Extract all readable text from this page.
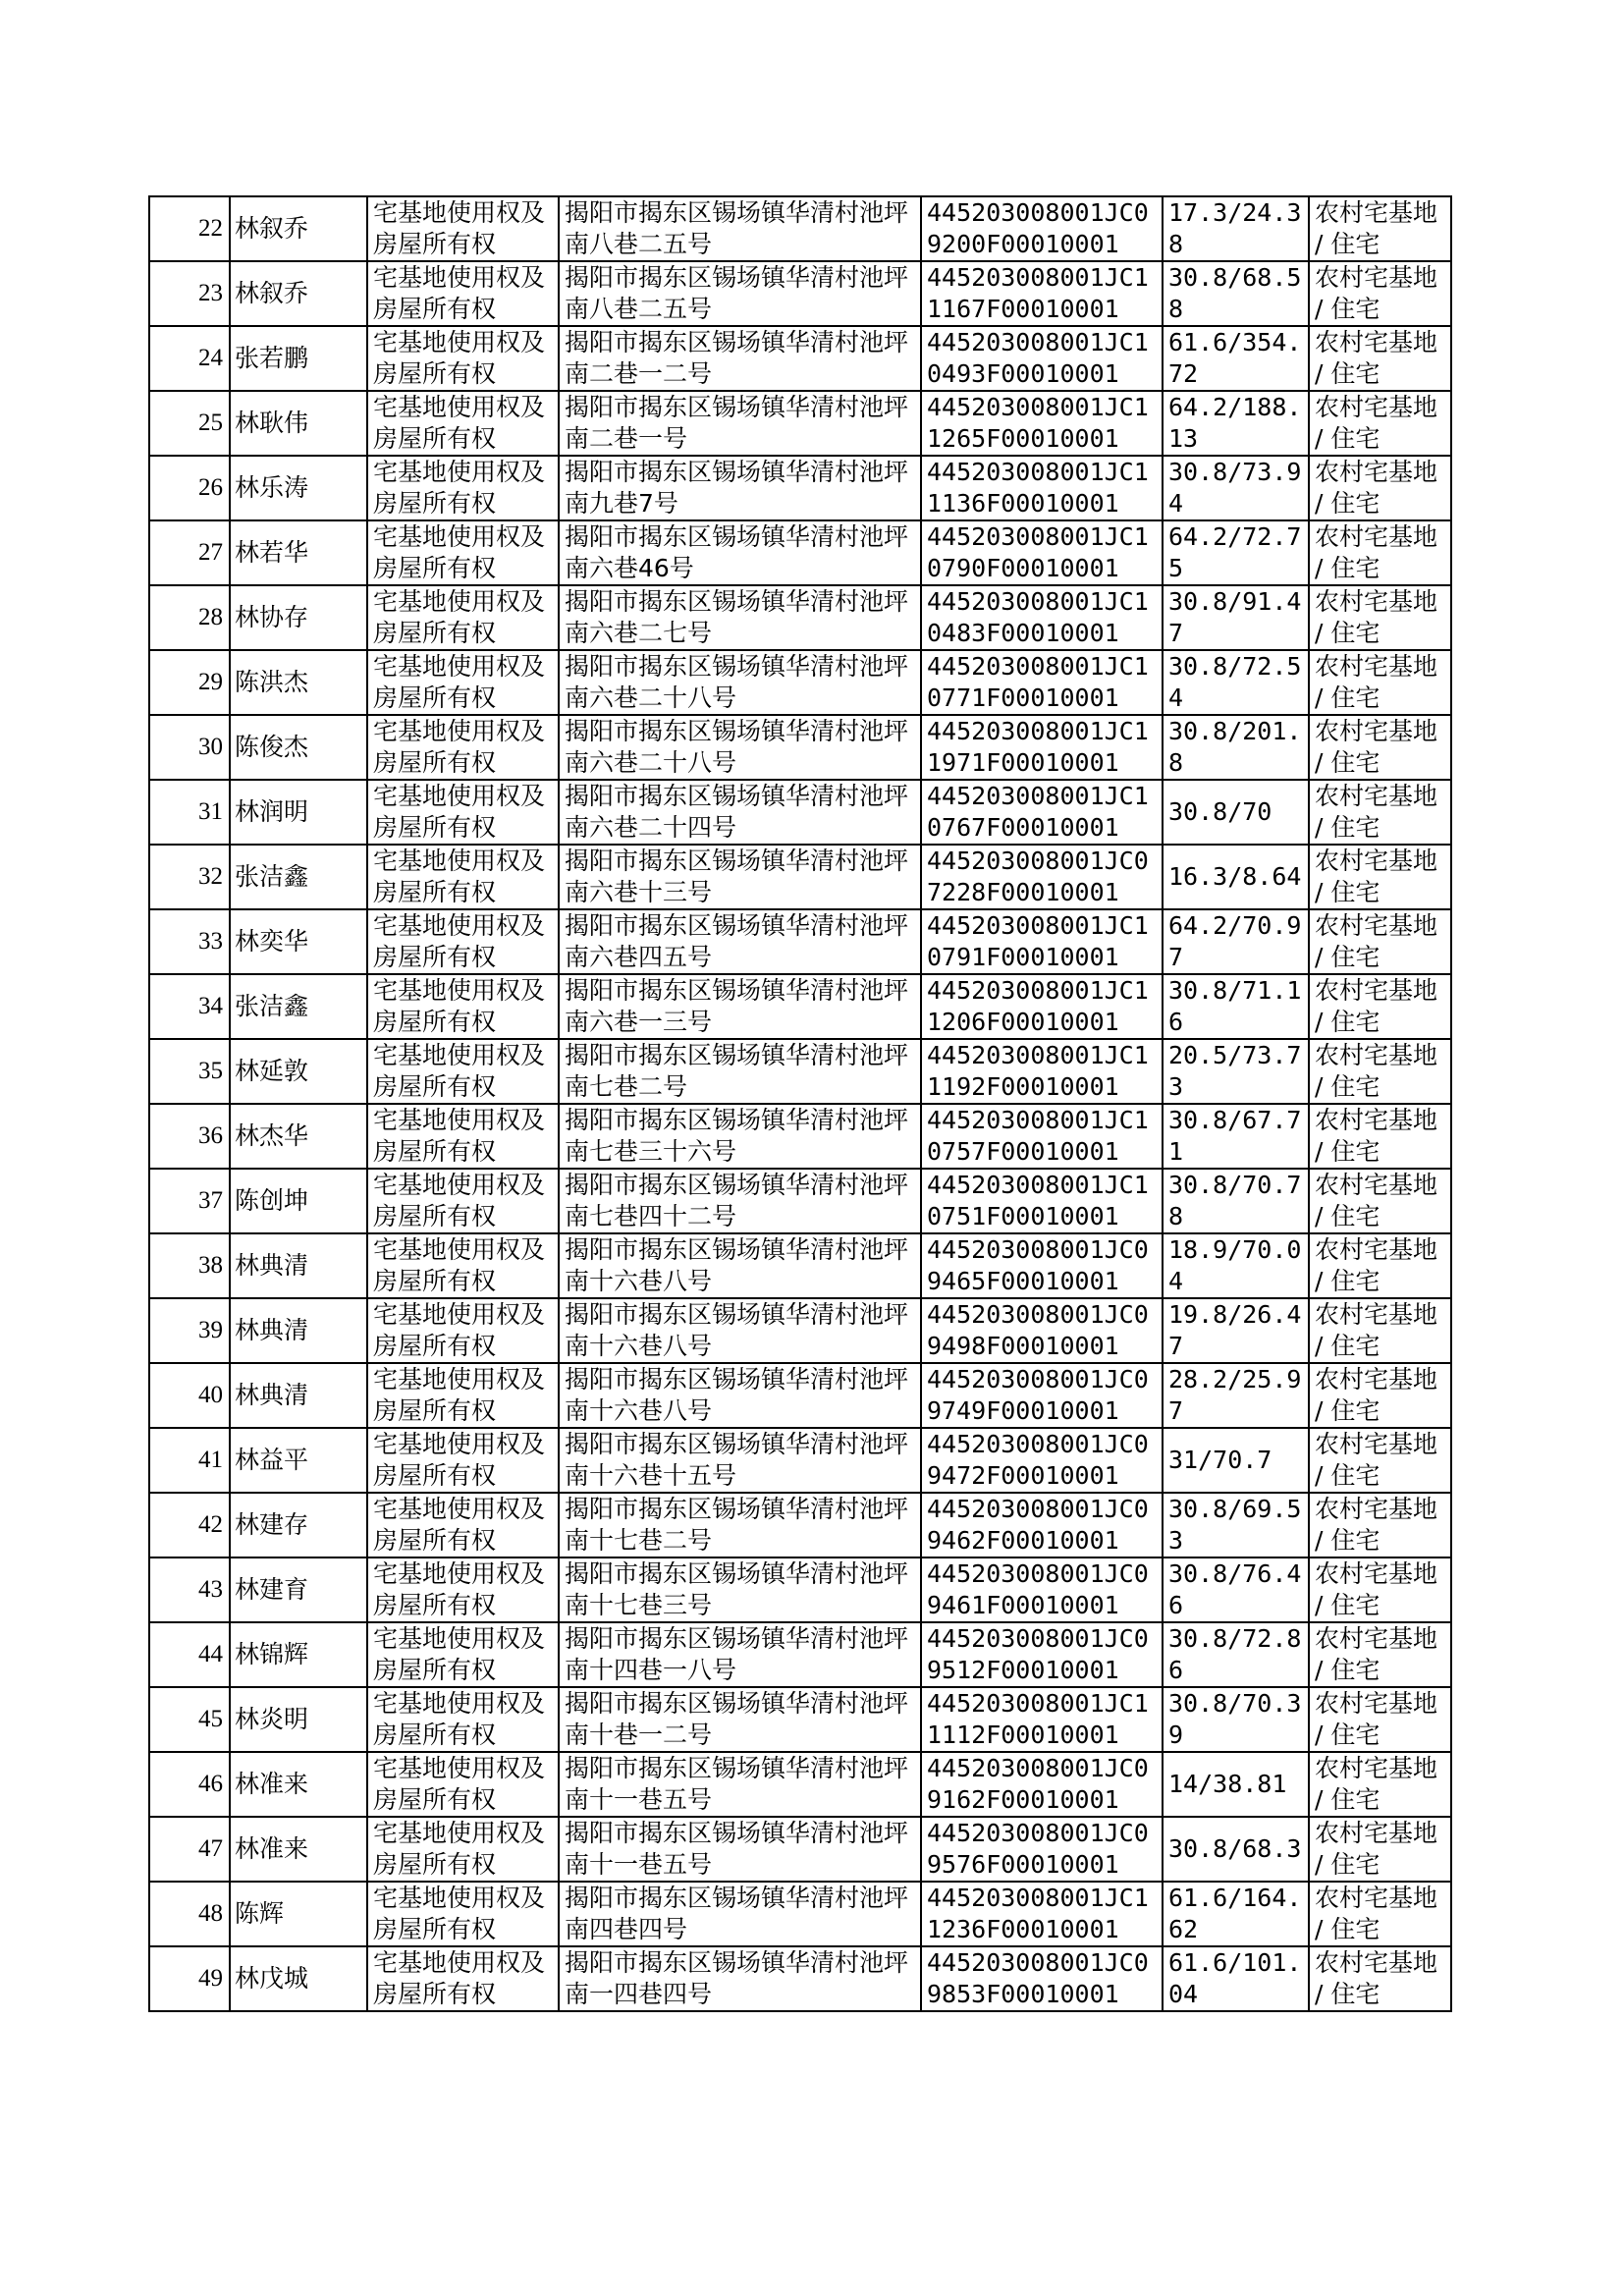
22	林叙乔	宅基地使用权及房屋所有权	揭阳市揭东区锡场镇华清村池坪南八巷二五号	445203008001JC09200F00010001	17.3/24.38	农村宅基地 / 住宅
23	林叙乔	宅基地使用权及房屋所有权	揭阳市揭东区锡场镇华清村池坪南八巷二五号	445203008001JC11167F00010001	30.8/68.58	农村宅基地 / 住宅
24	张若鹏	宅基地使用权及房屋所有权	揭阳市揭东区锡场镇华清村池坪南二巷一二号	445203008001JC10493F00010001	61.6/354.72	农村宅基地 / 住宅
25	林耿伟	宅基地使用权及房屋所有权	揭阳市揭东区锡场镇华清村池坪南二巷一号	445203008001JC11265F00010001	64.2/188.13	农村宅基地 / 住宅
26	林乐涛	宅基地使用权及房屋所有权	揭阳市揭东区锡场镇华清村池坪南九巷7号	445203008001JC11136F00010001	30.8/73.94	农村宅基地 / 住宅
27	林若华	宅基地使用权及房屋所有权	揭阳市揭东区锡场镇华清村池坪南六巷46号	445203008001JC10790F00010001	64.2/72.75	农村宅基地 / 住宅
28	林协存	宅基地使用权及房屋所有权	揭阳市揭东区锡场镇华清村池坪南六巷二七号	445203008001JC10483F00010001	30.8/91.47	农村宅基地 / 住宅
29	陈洪杰	宅基地使用权及房屋所有权	揭阳市揭东区锡场镇华清村池坪南六巷二十八号	445203008001JC10771F00010001	30.8/72.54	农村宅基地 / 住宅
30	陈俊杰	宅基地使用权及房屋所有权	揭阳市揭东区锡场镇华清村池坪南六巷二十八号	445203008001JC11971F00010001	30.8/201.8	农村宅基地 / 住宅
31	林润明	宅基地使用权及房屋所有权	揭阳市揭东区锡场镇华清村池坪南六巷二十四号	445203008001JC10767F00010001	30.8/70	农村宅基地 / 住宅
32	张洁鑫	宅基地使用权及房屋所有权	揭阳市揭东区锡场镇华清村池坪南六巷十三号	445203008001JC07228F00010001	16.3/8.64	农村宅基地 / 住宅
33	林奕华	宅基地使用权及房屋所有权	揭阳市揭东区锡场镇华清村池坪南六巷四五号	445203008001JC10791F00010001	64.2/70.97	农村宅基地 / 住宅
34	张洁鑫	宅基地使用权及房屋所有权	揭阳市揭东区锡场镇华清村池坪南六巷一三号	445203008001JC11206F00010001	30.8/71.16	农村宅基地 / 住宅
35	林延敦	宅基地使用权及房屋所有权	揭阳市揭东区锡场镇华清村池坪南七巷二号	445203008001JC11192F00010001	20.5/73.73	农村宅基地 / 住宅
36	林杰华	宅基地使用权及房屋所有权	揭阳市揭东区锡场镇华清村池坪南七巷三十六号	445203008001JC10757F00010001	30.8/67.71	农村宅基地 / 住宅
37	陈创坤	宅基地使用权及房屋所有权	揭阳市揭东区锡场镇华清村池坪南七巷四十二号	445203008001JC10751F00010001	30.8/70.78	农村宅基地 / 住宅
38	林典清	宅基地使用权及房屋所有权	揭阳市揭东区锡场镇华清村池坪南十六巷八号	445203008001JC09465F00010001	18.9/70.04	农村宅基地 / 住宅
39	林典清	宅基地使用权及房屋所有权	揭阳市揭东区锡场镇华清村池坪南十六巷八号	445203008001JC09498F00010001	19.8/26.47	农村宅基地 / 住宅
40	林典清	宅基地使用权及房屋所有权	揭阳市揭东区锡场镇华清村池坪南十六巷八号	445203008001JC09749F00010001	28.2/25.97	农村宅基地 / 住宅
41	林益平	宅基地使用权及房屋所有权	揭阳市揭东区锡场镇华清村池坪南十六巷十五号	445203008001JC09472F00010001	31/70.7	农村宅基地 / 住宅
42	林建存	宅基地使用权及房屋所有权	揭阳市揭东区锡场镇华清村池坪南十七巷二号	445203008001JC09462F00010001	30.8/69.53	农村宅基地 / 住宅
43	林建育	宅基地使用权及房屋所有权	揭阳市揭东区锡场镇华清村池坪南十七巷三号	445203008001JC09461F00010001	30.8/76.46	农村宅基地 / 住宅
44	林锦辉	宅基地使用权及房屋所有权	揭阳市揭东区锡场镇华清村池坪南十四巷一八号	445203008001JC09512F00010001	30.8/72.86	农村宅基地 / 住宅
45	林炎明	宅基地使用权及房屋所有权	揭阳市揭东区锡场镇华清村池坪南十巷一二号	445203008001JC11112F00010001	30.8/70.39	农村宅基地 / 住宅
46	林准来	宅基地使用权及房屋所有权	揭阳市揭东区锡场镇华清村池坪南十一巷五号	445203008001JC09162F00010001	14/38.81	农村宅基地 / 住宅
47	林准来	宅基地使用权及房屋所有权	揭阳市揭东区锡场镇华清村池坪南十一巷五号	445203008001JC09576F00010001	30.8/68.3	农村宅基地 / 住宅
48	陈辉	宅基地使用权及房屋所有权	揭阳市揭东区锡场镇华清村池坪南四巷四号	445203008001JC11236F00010001	61.6/164.62	农村宅基地 / 住宅
49	林戊城	宅基地使用权及房屋所有权	揭阳市揭东区锡场镇华清村池坪南一四巷四号	445203008001JC09853F00010001	61.6/101.04	农村宅基地 / 住宅
